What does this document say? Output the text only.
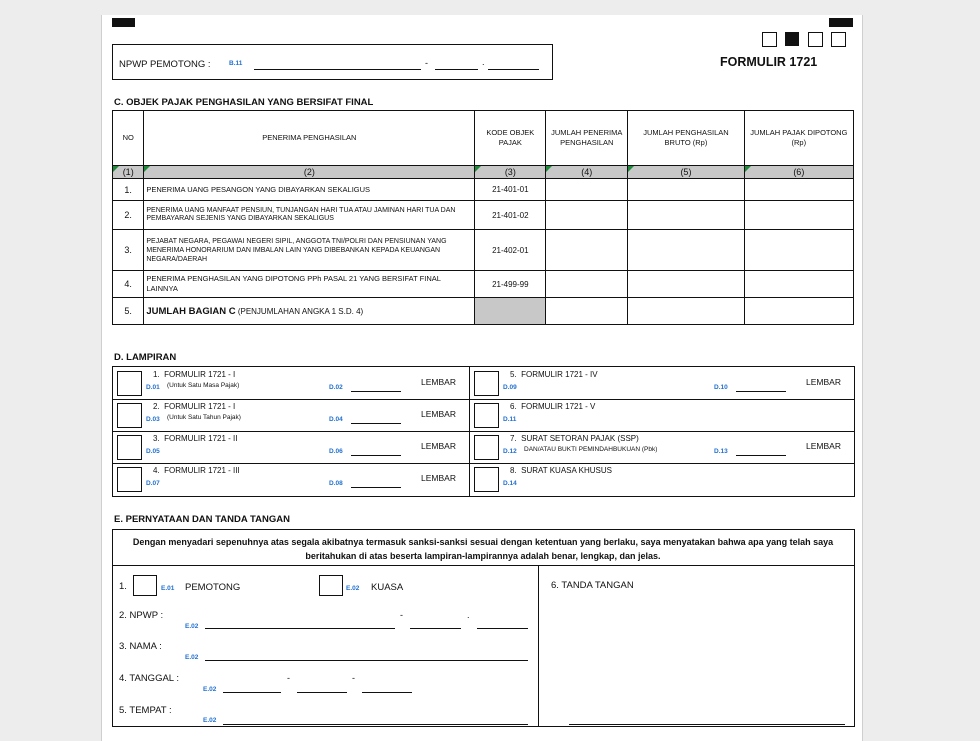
NPWP PEMOTONG :	B.11	-	.	FORMULIR 1721
C. OBJEK PAJAK PENGHASILAN YANG BERSIFAT FINAL
NO	PENERIMA PENGHASILAN	KODE OBJEK PAJAK	JUMLAH PENERIMA PENGHASILAN	JUMLAH PENGHASILAN BRUTO (Rp)	JUMLAH PAJAK DIPOTONG (Rp)

(1)	(2)	(3)	(4)	(5)	(6)
1.	PENERIMA UANG PESANGON YANG DIBAYARKAN SEKALIGUS	21-401-01			
2.	PENERIMA UANG MANFAAT PENSIUN, TUNJANGAN HARI TUA ATAU JAMINAN HARI TUA DAN PEMBAYARAN SEJENIS YANG DIBAYARKAN SEKALIGUS	21-401-02			
3.	PEJABAT NEGARA, PEGAWAI NEGERI SIPIL, ANGGOTA TNI/POLRI DAN PENSIUNAN YANG MENERIMA HONORARIUM DAN IMBALAN LAIN YANG DIBEBANKAN KEPADA KEUANGAN NEGARA/DAERAH	21-402-01			
4.	PENERIMA PENGHASILAN YANG DIPOTONG PPh PASAL 21 YANG BERSIFAT FINAL LAINNYA	21-499-99			
5.	JUMLAH BAGIAN C (PENJUMLAHAN ANGKA 1 S.D. 4)				
D. LAMPIRAN
1.  FORMULIR 1721 - I
D.01 (Untuk Satu Masa Pajak)	D.02
LEMBAR
2.  FORMULIR 1721 - I
D.03 (Untuk Satu Tahun Pajak)	D.04
LEMBAR
3.  FORMULIR 1721 - II
D.05	D.06
LEMBAR
4.  FORMULIR 1721 - III
D.07	D.08
LEMBAR
5.  FORMULIR 1721 - IV
D.09	D.10
LEMBAR
6.  FORMULIR 1721 - V
D.11
7.  SURAT SETORAN PAJAK (SSP)
D.12 DAN/ATAU BUKTI PEMINDAHBUKUAN (Pbk)	D.13
LEMBAR
8.  SURAT KUASA KHUSUS
D.14
E. PERNYATAAN DAN TANDA TANGAN
Dengan menyadari sepenuhnya atas segala akibatnya termasuk sanksi-sanksi sesuai dengan ketentuan yang berlaku, saya menyatakan bahwa apa yang telah saya beritahukan di atas beserta lampiran-lampirannya adalah benar, lengkap, dan jelas.
1.	E.01 PEMOTONG	E.02 KUASA
2. NPWP :
E.02
-	.
3. NAMA :
E.02
4. TANGGAL :
E.02
-	-
5. TEMPAT :
E.02
6. TANDA TANGAN
